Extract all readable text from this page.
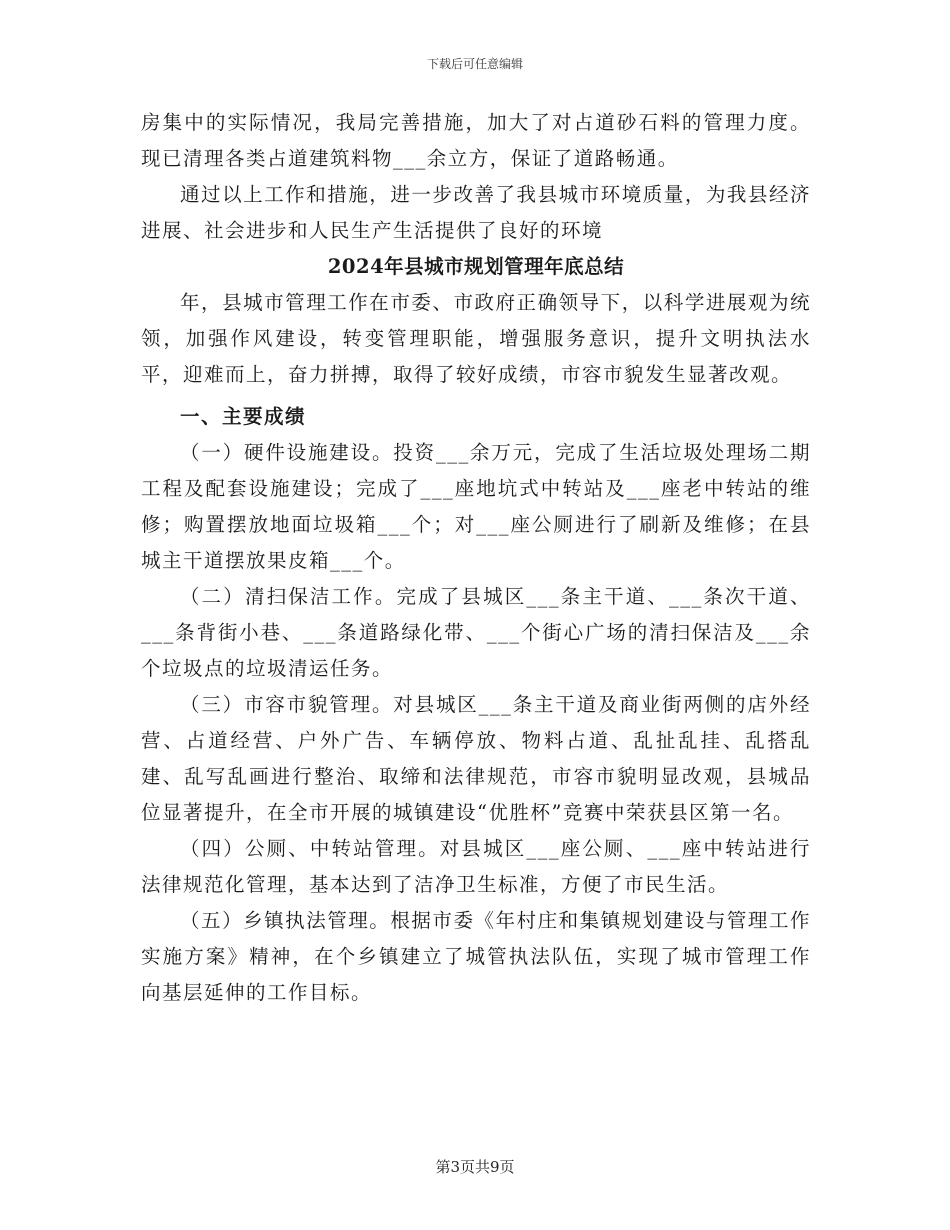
下载后可任意编辑

房集中的实际情况，我局完善措施，加大了对占道砂石料的管理力度。现已清理各类占道建筑料物___余立方，保证了道路畅通。

通过以上工作和措施，进一步改善了我县城市环境质量，为我县经济进展、社会进步和人民生产生活提供了良好的环境

2024年县城市规划管理年底总结

年，县城市管理工作在市委、市政府正确领导下，以科学进展观为统领，加强作风建设，转变管理职能，增强服务意识，提升文明执法水平，迎难而上，奋力拼搏，取得了较好成绩，市容市貌发生显著改观。

一、主要成绩

（一）硬件设施建设。投资___余万元，完成了生活垃圾处理场二期工程及配套设施建设；完成了___座地坑式中转站及___座老中转站的维修；购置摆放地面垃圾箱___个；对___座公厕进行了刷新及维修；在县城主干道摆放果皮箱___个。

（二）清扫保洁工作。完成了县城区___条主干道、___条次干道、___条背街小巷、___条道路绿化带、___个街心广场的清扫保洁及___余个垃圾点的垃圾清运任务。

（三）市容市貌管理。对县城区___条主干道及商业街两侧的店外经营、占道经营、户外广告、车辆停放、物料占道、乱扯乱挂、乱搭乱建、乱写乱画进行整治、取缔和法律规范，市容市貌明显改观，县城品位显著提升，在全市开展的城镇建设“优胜杯”竞赛中荣获县区第一名。

（四）公厕、中转站管理。对县城区___座公厕、___座中转站进行法律规范化管理，基本达到了洁净卫生标准，方便了市民生活。

（五）乡镇执法管理。根据市委《年村庄和集镇规划建设与管理工作实施方案》精神，在个乡镇建立了城管执法队伍，实现了城市管理工作向基层延伸的工作目标。

第3页共9页
